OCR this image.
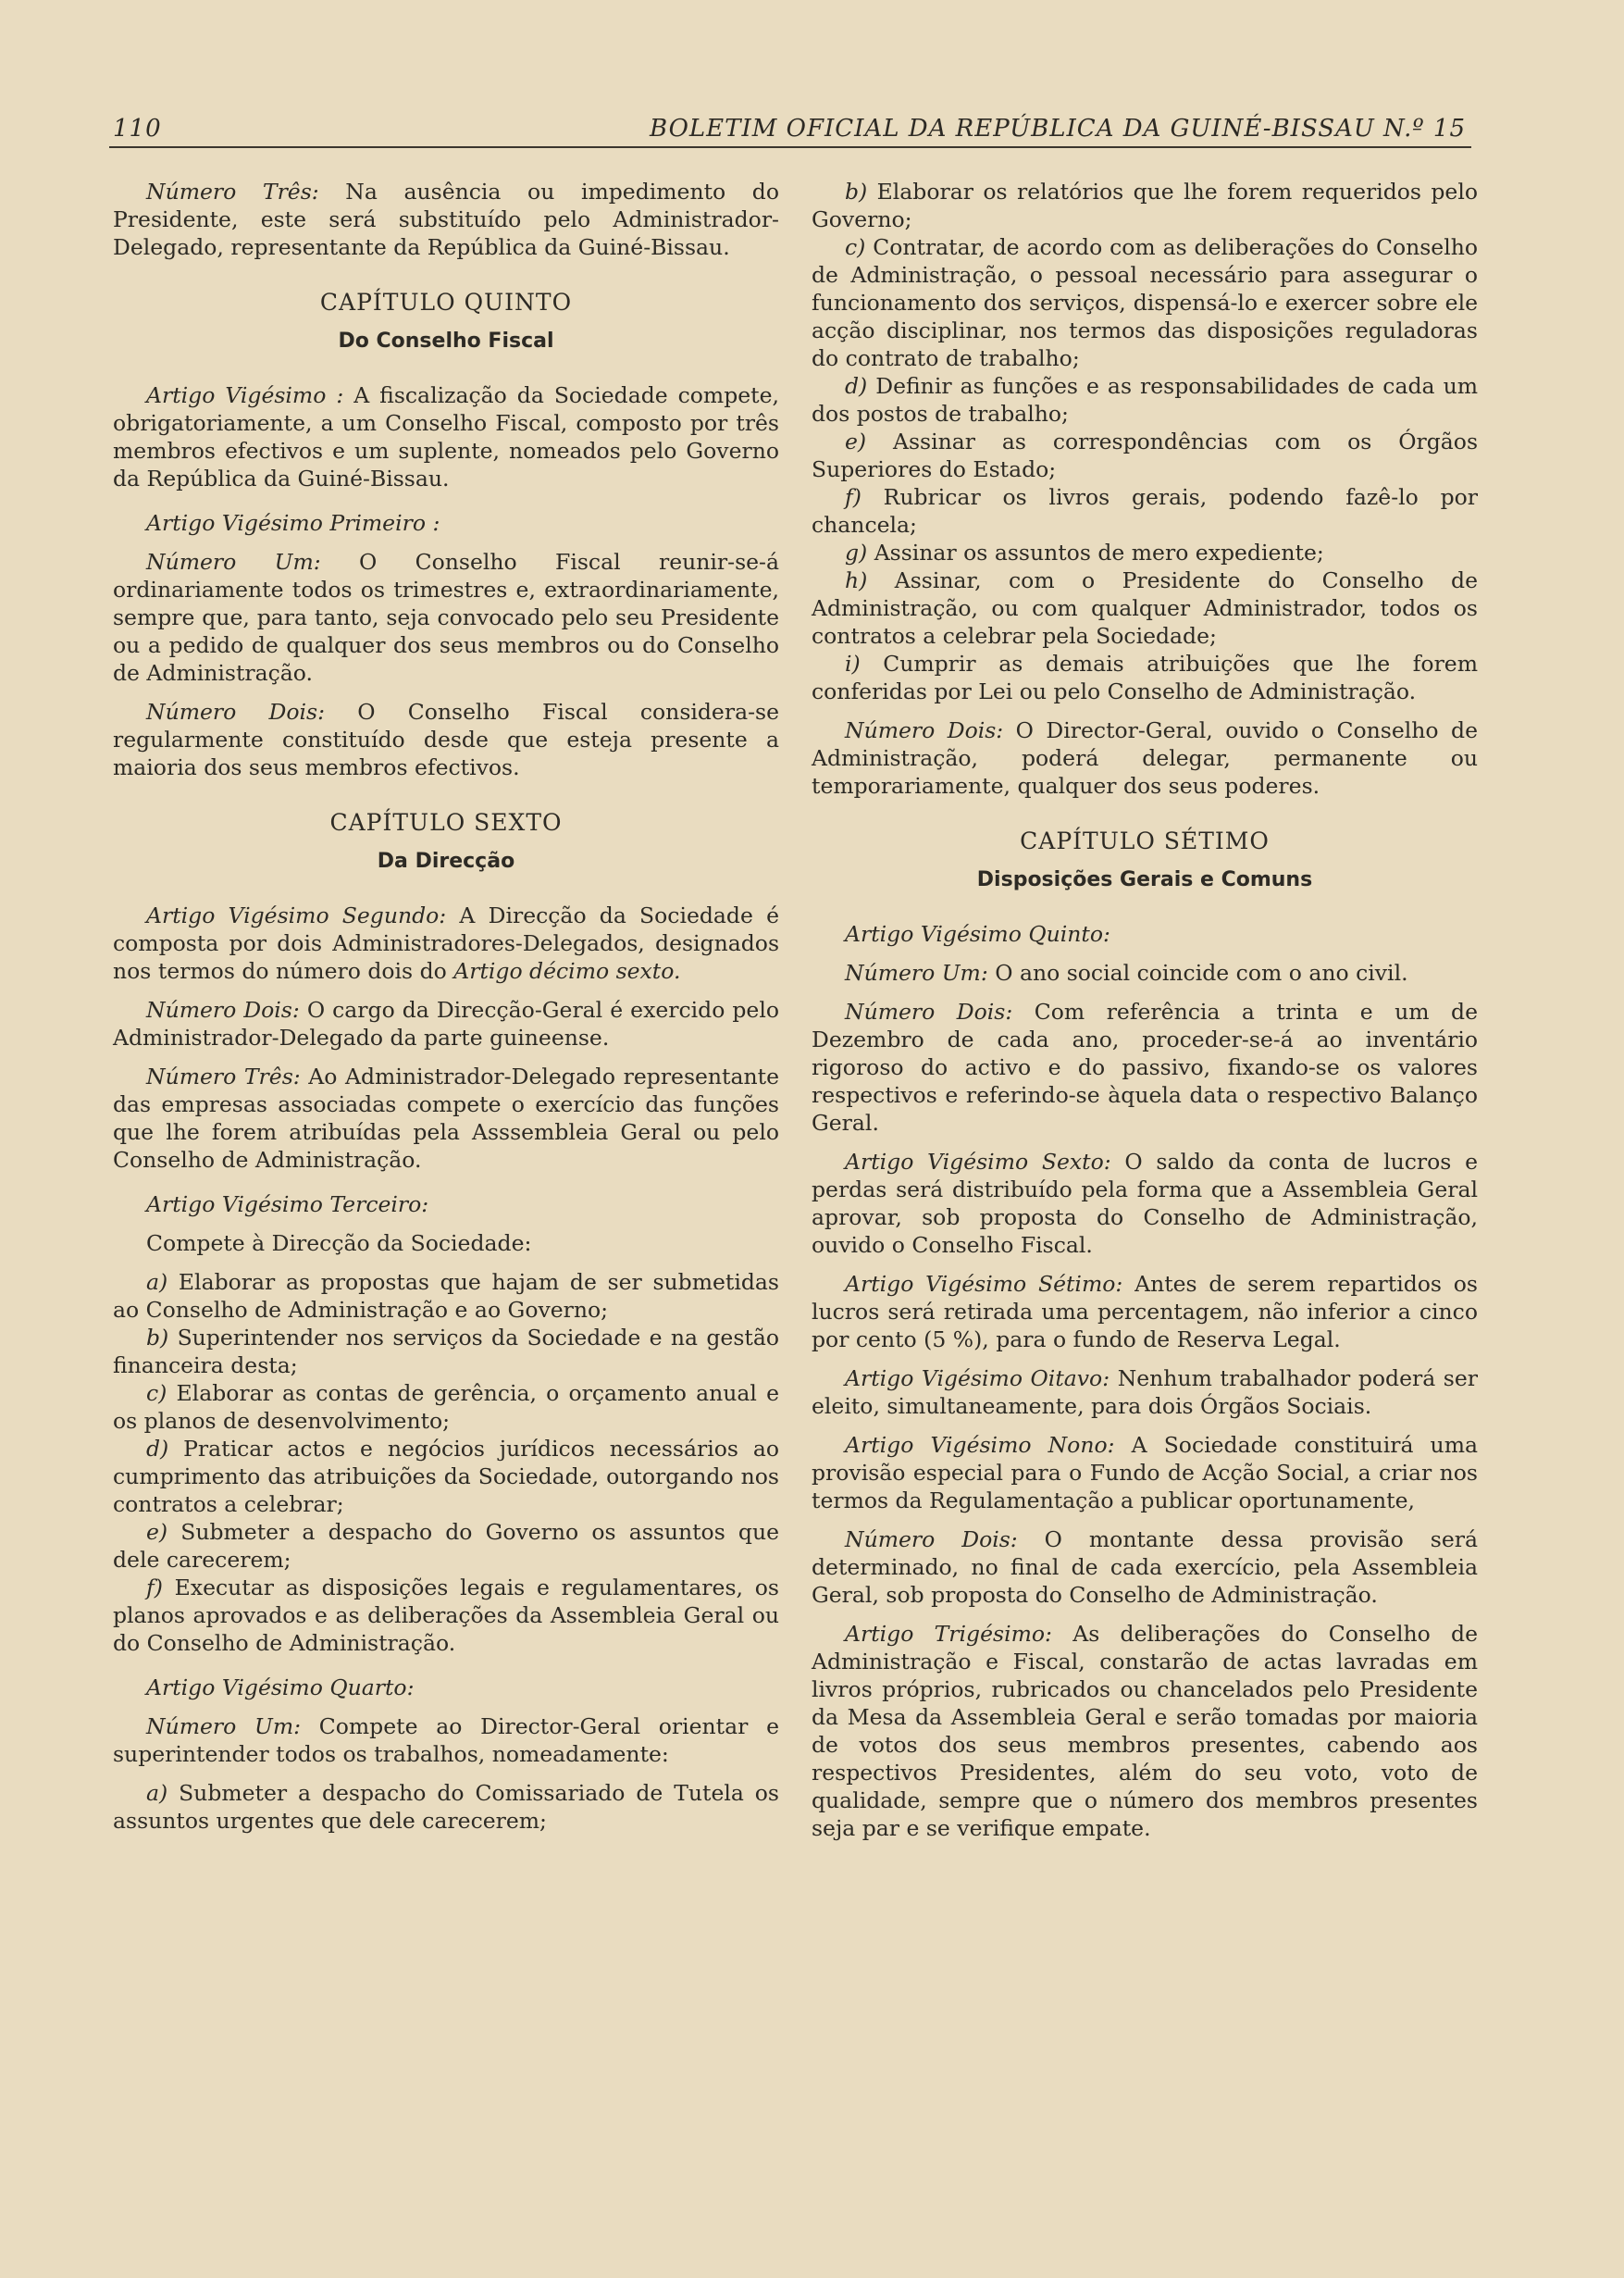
110	BOLETIM OFICIAL DA REPÚBLICA DA GUINÉ-BISSAU N.º 15

Número Três: Na ausência ou impedimento do Presidente, este será substituído pelo Administrador-Delegado, representante da República da Guiné-Bissau.

CAPÍTULO QUINTO

Do Conselho Fiscal

Artigo Vigésimo : A fiscalização da Sociedade compete, obrigatoriamente, a um Conselho Fiscal, composto por três membros efectivos e um suplente, nomeados pelo Governo da República da Guiné-Bissau.

Artigo Vigésimo Primeiro :

Número Um: O Conselho Fiscal reunir-se-á ordinariamente todos os trimestres e, extraordinariamente, sempre que, para tanto, seja convocado pelo seu Presidente ou a pedido de qualquer dos seus membros ou do Conselho de Administração.

Número Dois: O Conselho Fiscal considera-se regularmente constituído desde que esteja presente a maioria dos seus membros efectivos.

CAPÍTULO SEXTO

Da Direcção

Artigo Vigésimo Segundo: A Direcção da Sociedade é composta por dois Administradores-Delegados, designados nos termos do número dois do Artigo décimo sexto.

Número Dois: O cargo da Direcção-Geral é exercido pelo Administrador-Delegado da parte guineense.

Número Três: Ao Administrador-Delegado representante das empresas associadas compete o exercício das funções que lhe forem atribuídas pela Asssembleia Geral ou pelo Conselho de Administração.

Artigo Vigésimo Terceiro:

Compete à Direcção da Sociedade:

a) Elaborar as propostas que hajam de ser submetidas ao Conselho de Administração e ao Governo;

b) Superintender nos serviços da Sociedade e na gestão financeira desta;

c) Elaborar as contas de gerência, o orçamento anual e os planos de desenvolvimento;

d) Praticar actos e negócios jurídicos necessários ao cumprimento das atribuições da Sociedade, outorgando nos contratos a celebrar;

e) Submeter a despacho do Governo os assuntos que dele carecerem;

f) Executar as disposições legais e regulamentares, os planos aprovados e as deliberações da Assembleia Geral ou do Conselho de Administração.

Artigo Vigésimo Quarto:

Número Um: Compete ao Director-Geral orientar e superintender todos os trabalhos, nomeadamente:

a) Submeter a despacho do Comissariado de Tutela os assuntos urgentes que dele carecerem;

b) Elaborar os relatórios que lhe forem requeridos pelo Governo;

c) Contratar, de acordo com as deliberações do Conselho de Administração, o pessoal necessário para assegurar o funcionamento dos serviços, dispensá-lo e exercer sobre ele acção disciplinar, nos termos das disposições reguladoras do contrato de trabalho;

d) Definir as funções e as responsabilidades de cada um dos postos de trabalho;

e) Assinar as correspondências com os Órgãos Superiores do Estado;

f) Rubricar os livros gerais, podendo fazê-lo por chancela;

g) Assinar os assuntos de mero expediente;

h) Assinar, com o Presidente do Conselho de Administração, ou com qualquer Administrador, todos os contratos a celebrar pela Sociedade;

i) Cumprir as demais atribuições que lhe forem conferidas por Lei ou pelo Conselho de Administração.

Número Dois: O Director-Geral, ouvido o Conselho de Administração, poderá delegar, permanente ou temporariamente, qualquer dos seus poderes.

CAPÍTULO SÉTIMO

Disposições Gerais e Comuns

Artigo Vigésimo Quinto:

Número Um: O ano social coincide com o ano civil.

Número Dois: Com referência a trinta e um de Dezembro de cada ano, proceder-se-á ao inventário rigoroso do activo e do passivo, fixando-se os valores respectivos e referindo-se àquela data o respectivo Balanço Geral.

Artigo Vigésimo Sexto: O saldo da conta de lucros e perdas será distribuído pela forma que a Assembleia Geral aprovar, sob proposta do Conselho de Administração, ouvido o Conselho Fiscal.

Artigo Vigésimo Sétimo: Antes de serem repartidos os lucros será retirada uma percentagem, não inferior a cinco por cento (5 %), para o fundo de Reserva Legal.

Artigo Vigésimo Oitavo: Nenhum trabalhador poderá ser eleito, simultaneamente, para dois Órgãos Sociais.

Artigo Vigésimo Nono: A Sociedade constituirá uma provisão especial para o Fundo de Acção Social, a criar nos termos da Regulamentação a publicar oportunamente,

Número Dois: O montante dessa provisão será determinado, no final de cada exercício, pela Assembleia Geral, sob proposta do Conselho de Administração.

Artigo Trigésimo: As deliberações do Conselho de Administração e Fiscal, constarão de actas lavradas em livros próprios, rubricados ou chancelados pelo Presidente da Mesa da Assembleia Geral e serão tomadas por maioria de votos dos seus membros presentes, cabendo aos respectivos Presidentes, além do seu voto, voto de qualidade, sempre que o número dos membros presentes seja par e se verifique empate.
